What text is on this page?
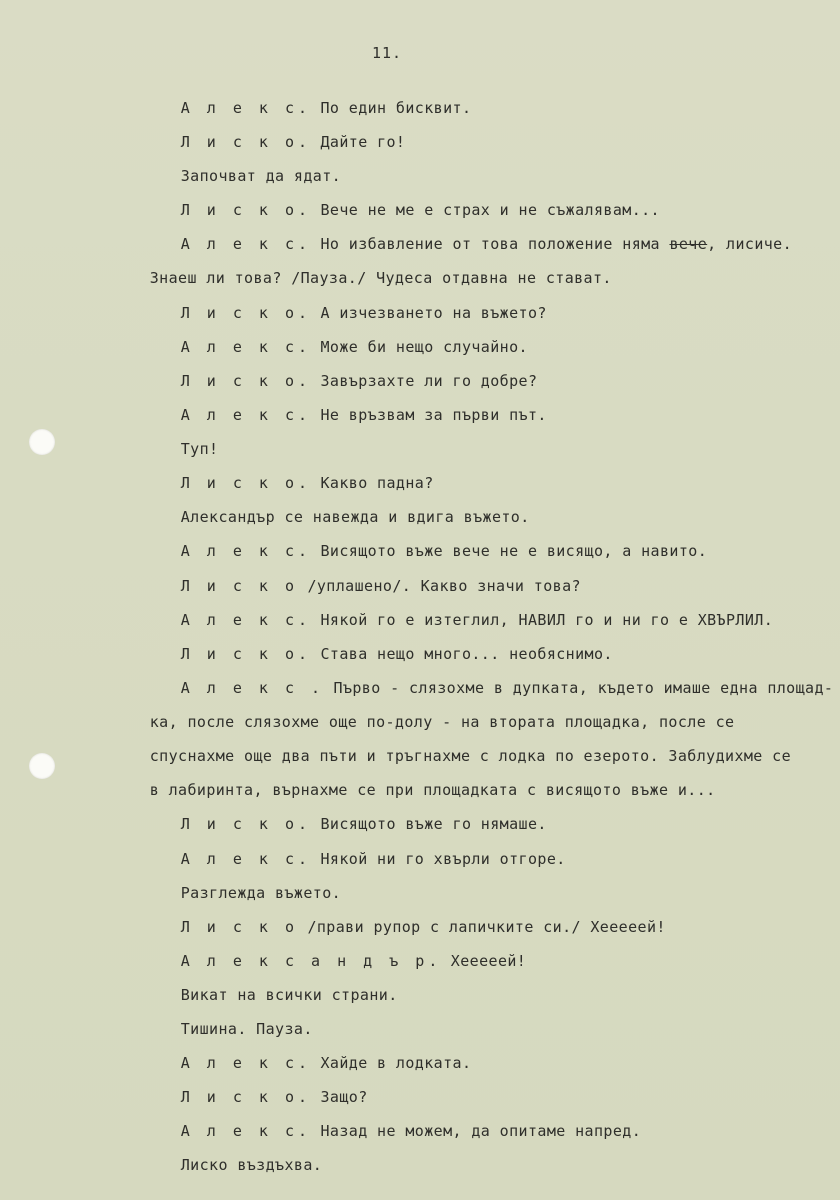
11.

А л е к с. По един бисквит.

Л и с к о. Дайте го!

Започват да ядат.

Л и с к о. Вече не ме е страх и не съжалявам...

А л е к с. Но избавление от това положение няма вече, лисиче.

Знаеш ли това? /Пауза./ Чудеса отдавна не стават.

Л и с к о. А изчезването на въжето?

А л е к с. Може би нещо случайно.

Л и с к о. Завързахте ли го добре?

А л е к с. Не връзвам за първи път.

Туп!

Л и с к о. Какво падна?

Александър се навежда и вдига въжето.

А л е к с. Висящото въже вече не е висящо, а навито.

Л и с к о /уплашено/. Какво значи това?

А л е к с. Някой го е изтеглил, НАВИЛ го и ни го е ХВЪРЛИЛ.

Л и с к о. Става нещо много... необяснимо.

А л е к с . Първо - слязохме в дупката, където имаше една площад-

ка, после слязохме още по-долу - на втората площадка, после се

спуснахме още два пъти и тръгнахме с лодка по езерото. Заблудихме се

в лабиринта, върнахме се при площадката с висящото въже и...

Л и с к о. Висящото въже го нямаше.

А л е к с. Някой ни го хвърли отгоре.

Разглежда въжето.

Л и с к о /прави рупор с лапичките си./ Хееееей!

А л е к с а н д ъ р. Хееееей!

Викат на всички страни.

Тишина. Пауза.

А л е к с. Хайде в лодката.

Л и с к о. Защо?

А л е к с. Назад не можем, да опитаме напред.

Лиско въздъхва.
